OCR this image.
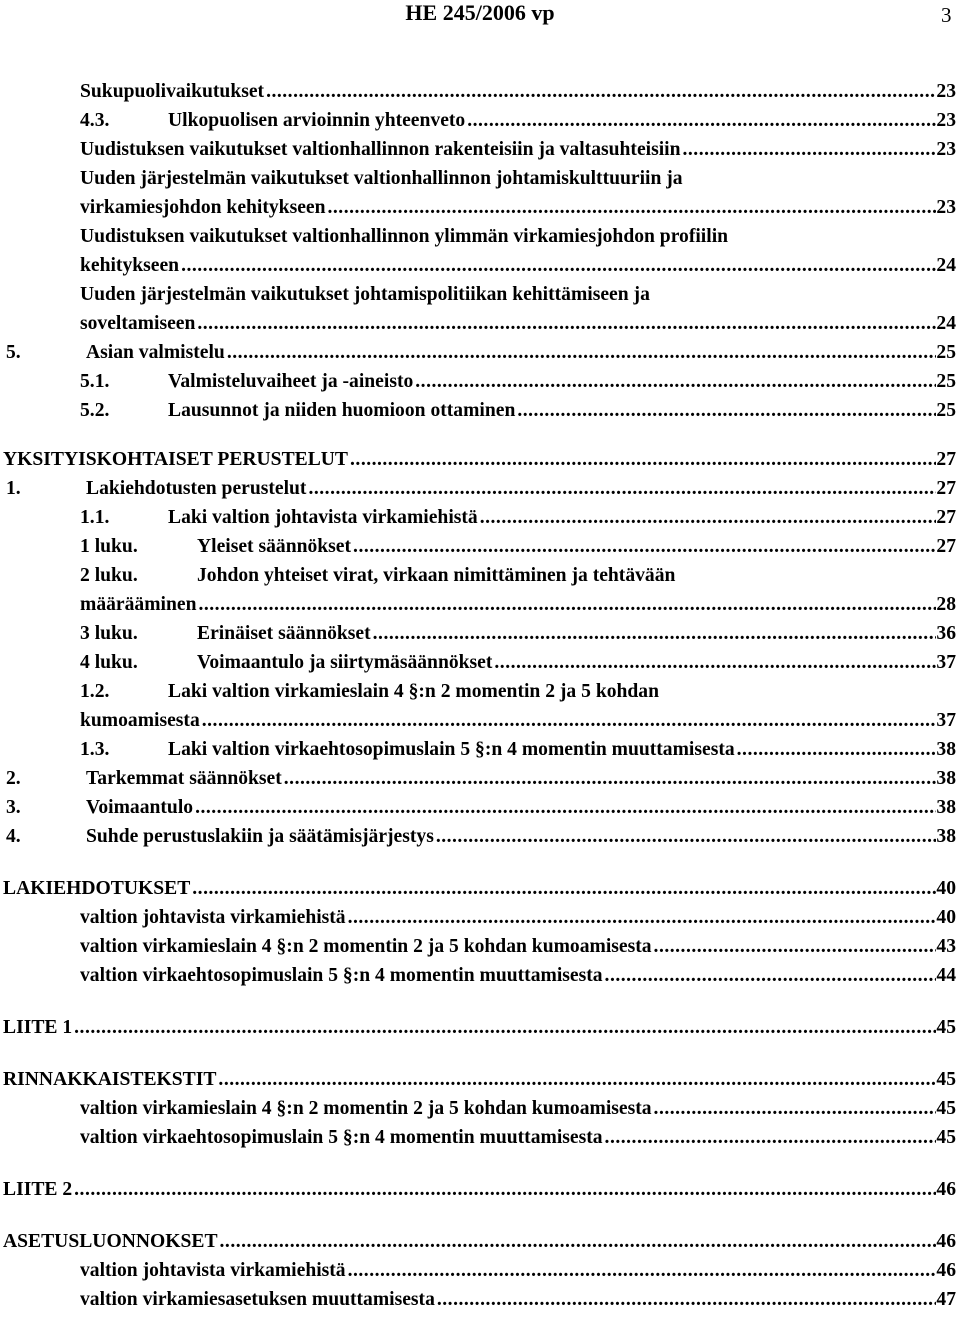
HE 245/2006 vp	3
Sukupuolivaikutukset .....	23
4.3.	Ulkopuolisen arvioinnin yhteenveto .....	23
Uudistuksen vaikutukset valtionhallinnon rakenteisiin ja valtasuhteisiin .....	23
Uuden järjestelmän vaikutukset valtionhallinnon johtamiskulttuuriin ja
virkamiesjohdon kehitykseen .....	23
Uudistuksen vaikutukset valtionhallinnon ylimmän virkamiesjohdon profiilin
kehitykseen .....	24
Uuden järjestelmän vaikutukset johtamispolitiikan kehittämiseen ja
soveltamiseen .....	24
5.	Asian valmistelu .....	25
5.1.	Valmisteluvaiheet ja -aineisto .....	25
5.2.	Lausunnot ja niiden huomioon ottaminen .....	25
YKSITYISKOHTAISET PERUSTELUT .....	27
1.	Lakiehdotusten perustelut .....	27
1.1.	Laki valtion johtavista virkamiehistä .....	27
1 luku.	Yleiset säännökset .....	27
2 luku.	Johdon yhteiset virat, virkaan nimittäminen ja tehtävään
määrääminen .....	28
3 luku.	Erinäiset säännökset .....	36
4 luku.	Voimaantulo ja siirtymäsäännökset .....	37
1.2.	Laki valtion virkamieslain 4 §:n 2 momentin 2 ja 5 kohdan
kumoamisesta .....	37
1.3.	Laki valtion virkaehtosopimuslain 5 §:n 4 momentin muuttamisesta .....	38
2.	Tarkemmat säännökset .....	38
3.	Voimaantulo .....	38
4.	Suhde perustuslakiin ja säätämisjärjestys .....	38
LAKIEHDOTUKSET .....	40
valtion johtavista virkamiehistä .....	40
valtion virkamieslain 4 §:n 2 momentin 2 ja 5 kohdan kumoamisesta .....	43
valtion virkaehtosopimuslain 5 §:n 4 momentin muuttamisesta .....	44
LIITE 1 .....	45
RINNAKKAISTEKSTIT .....	45
valtion virkamieslain 4 §:n 2 momentin 2 ja 5 kohdan kumoamisesta .....	45
valtion virkaehtosopimuslain 5 §:n 4 momentin muuttamisesta .....	45
LIITE 2 .....	46
ASETUSLUONNOKSET .....	46
valtion johtavista virkamiehistä .....	46
valtion virkamiesasetuksen muuttamisesta .....	47
